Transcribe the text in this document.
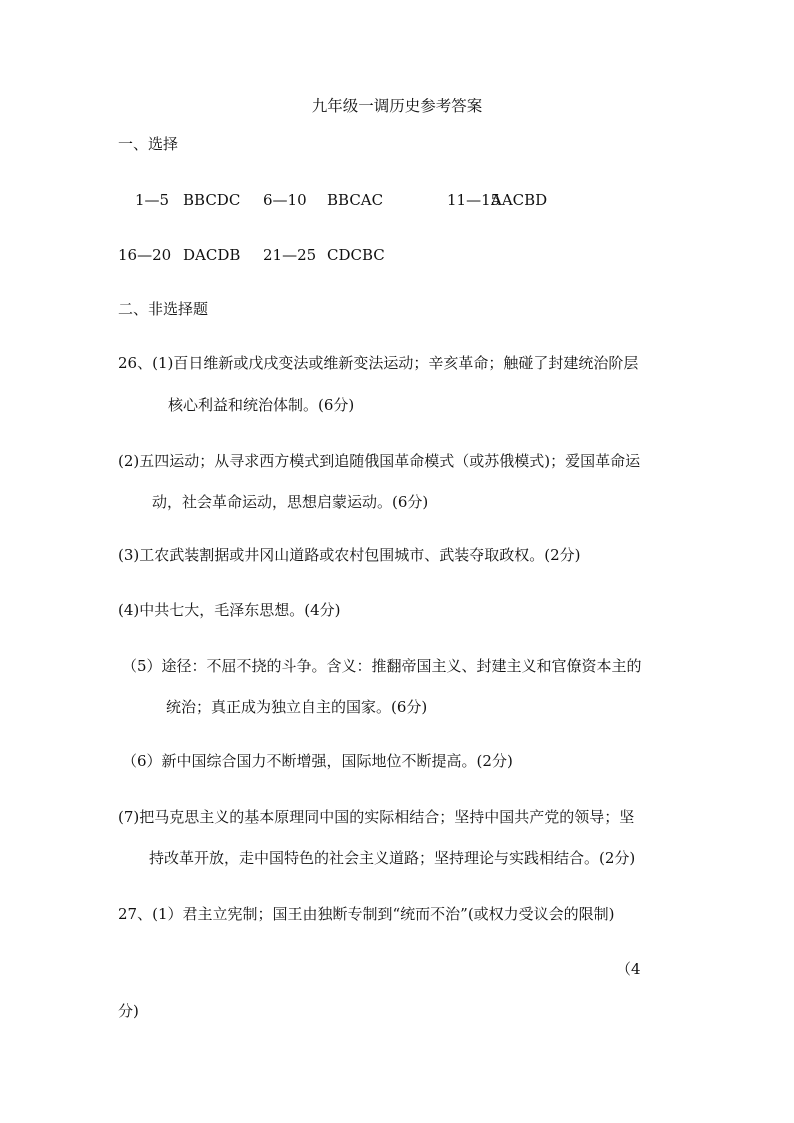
九年级一调历史参考答案
一、选择
1—5 BBCDC 6—10 BBCAC	11—15
AACBD
16—20 DACDB 21—25 CDCBC
二、非选择题
26、(1)百日维新或戊戌变法或维新变法运动；辛亥革命；触碰了封建统治阶层
核心利益和统治体制。(6分)
(2)五四运动；从寻求西方模式到追随俄国革命模式（或苏俄模式)；爱国革命运
动，社会革命运动，思想启蒙运动。(6分)
(3)工农武装割据或井冈山道路或农村包围城市、武装夺取政权。(2分)
(4)中共七大，毛泽东思想。(4分)
（5）途径：不屈不挠的斗争。含义：推翻帝国主义、封建主义和官僚资本主的
统治；真正成为独立自主的国家。(6分)
（6）新中国综合国力不断增强，国际地位不断提高。(2分)
(7)把马克思主义的基本原理同中国的实际相结合；坚持中国共产党的领导；坚
持改革开放，走中国特色的社会主义道路；坚持理论与实践相结合。(2分)
27、(1）君主立宪制；国王由独断专制到“统而不治”(或权力受议会的限制)
（4
分)
